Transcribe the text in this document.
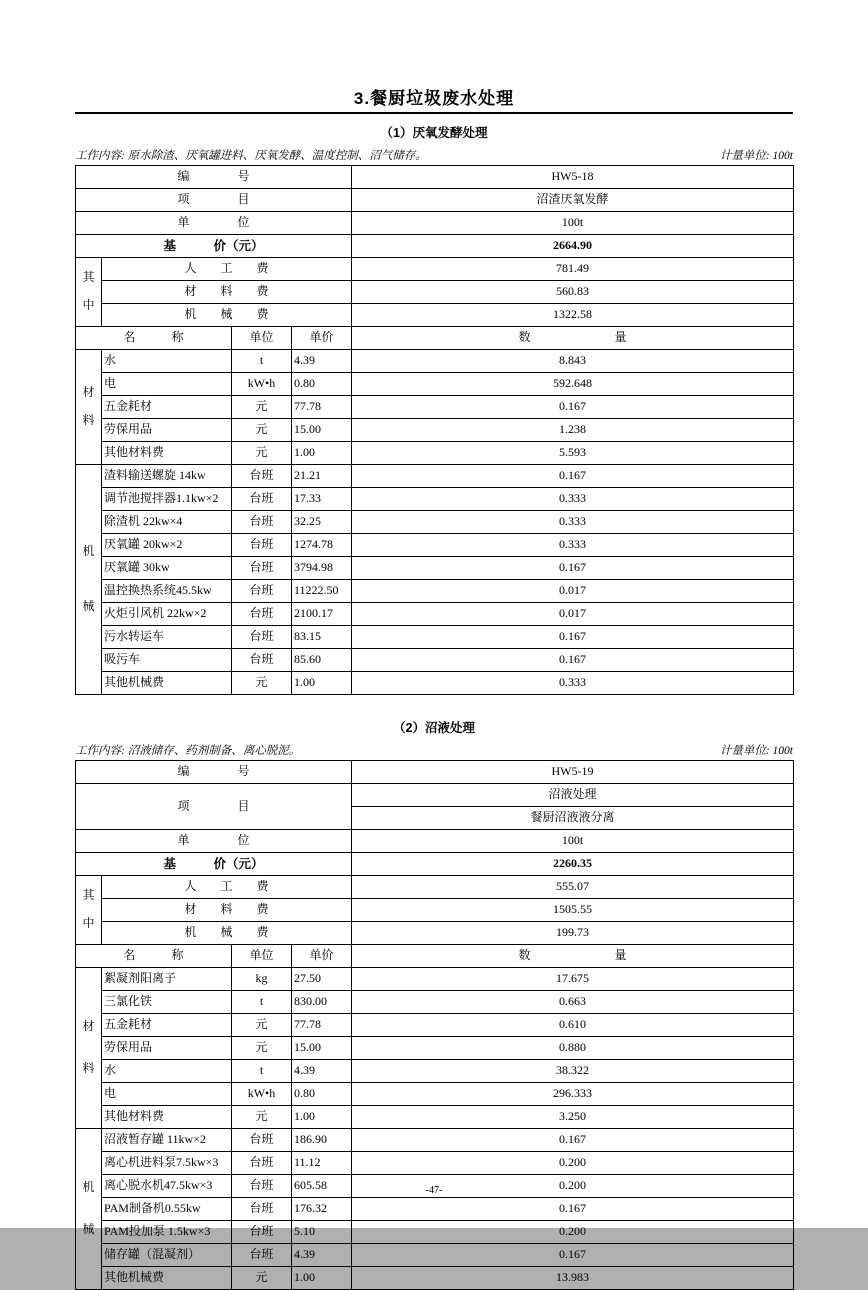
3.餐厨垃圾废水处理
（1）厌氧发酵处理
工作内容: 原水除渣、厌氧罐进料、厌氧发酵、温度控制、沼气储存。	计量单位: 100t
编　　　　号				HW5-18
项　　　　目				沼渣厌氧发酵
单　　　　位				100t
基　　　价（元）				2664.90
其

中	人　　工　　费			781.49
	材　　料　　费			560.83
	机　　械　　费			1322.58
名　　　称		单位	单价	数　　　　　　　量
材

料	水	t	4.39	8.843
	电	kW•h	0.80	592.648
	五金耗材	元	77.78	0.167
	劳保用品	元	15.00	1.238
	其他材料费	元	1.00	5.593
机

械	渣料输送螺旋 14kw	台班	21.21	0.167
	调节池搅拌器1.1kw×2	台班	17.33	0.333
	除渣机 22kw×4	台班	32.25	0.333
	厌氧罐 20kw×2	台班	1274.78	0.333
	厌氧罐 30kw	台班	3794.98	0.167
	温控换热系统45.5kw	台班	11222.50	0.017
	火炬引风机 22kw×2	台班	2100.17	0.017
	污水转运车	台班	83.15	0.167
	吸污车	台班	85.60	0.167
	其他机械费	元	1.00	0.333
（2）沼液处理
工作内容: 沼液储存、药剂制备、离心脱泥。	计量单位: 100t
编　　　　号				HW5-19
项　　　　目				沼液处理
				餐厨沼液液分离
单　　　　位				100t
基　　　价（元）				2260.35
其

中	人　　工　　费			555.07
	材　　料　　费			1505.55
	机　　械　　费			199.73
名　　　称		单位	单价	数　　　　　　　量
材

料	絮凝剂阳离子	kg	27.50	17.675
	三氯化铁	t	830.00	0.663
	五金耗材	元	77.78	0.610
	劳保用品	元	15.00	0.880
	水	t	4.39	38.322
	电	kW•h	0.80	296.333
	其他材料费	元	1.00	3.250
机

械	沼液暂存罐 11kw×2	台班	186.90	0.167
	离心机进料泵7.5kw×3	台班	11.12	0.200
	离心脱水机47.5kw×3	台班	605.58	0.200
	PAM制备机0.55kw	台班	176.32	0.167
	PAM投加泵 1.5kw×3	台班	5.10	0.200
	储存罐（混凝剂）	台班	4.39	0.167
	其他机械费	元	1.00	13.983
-47-
